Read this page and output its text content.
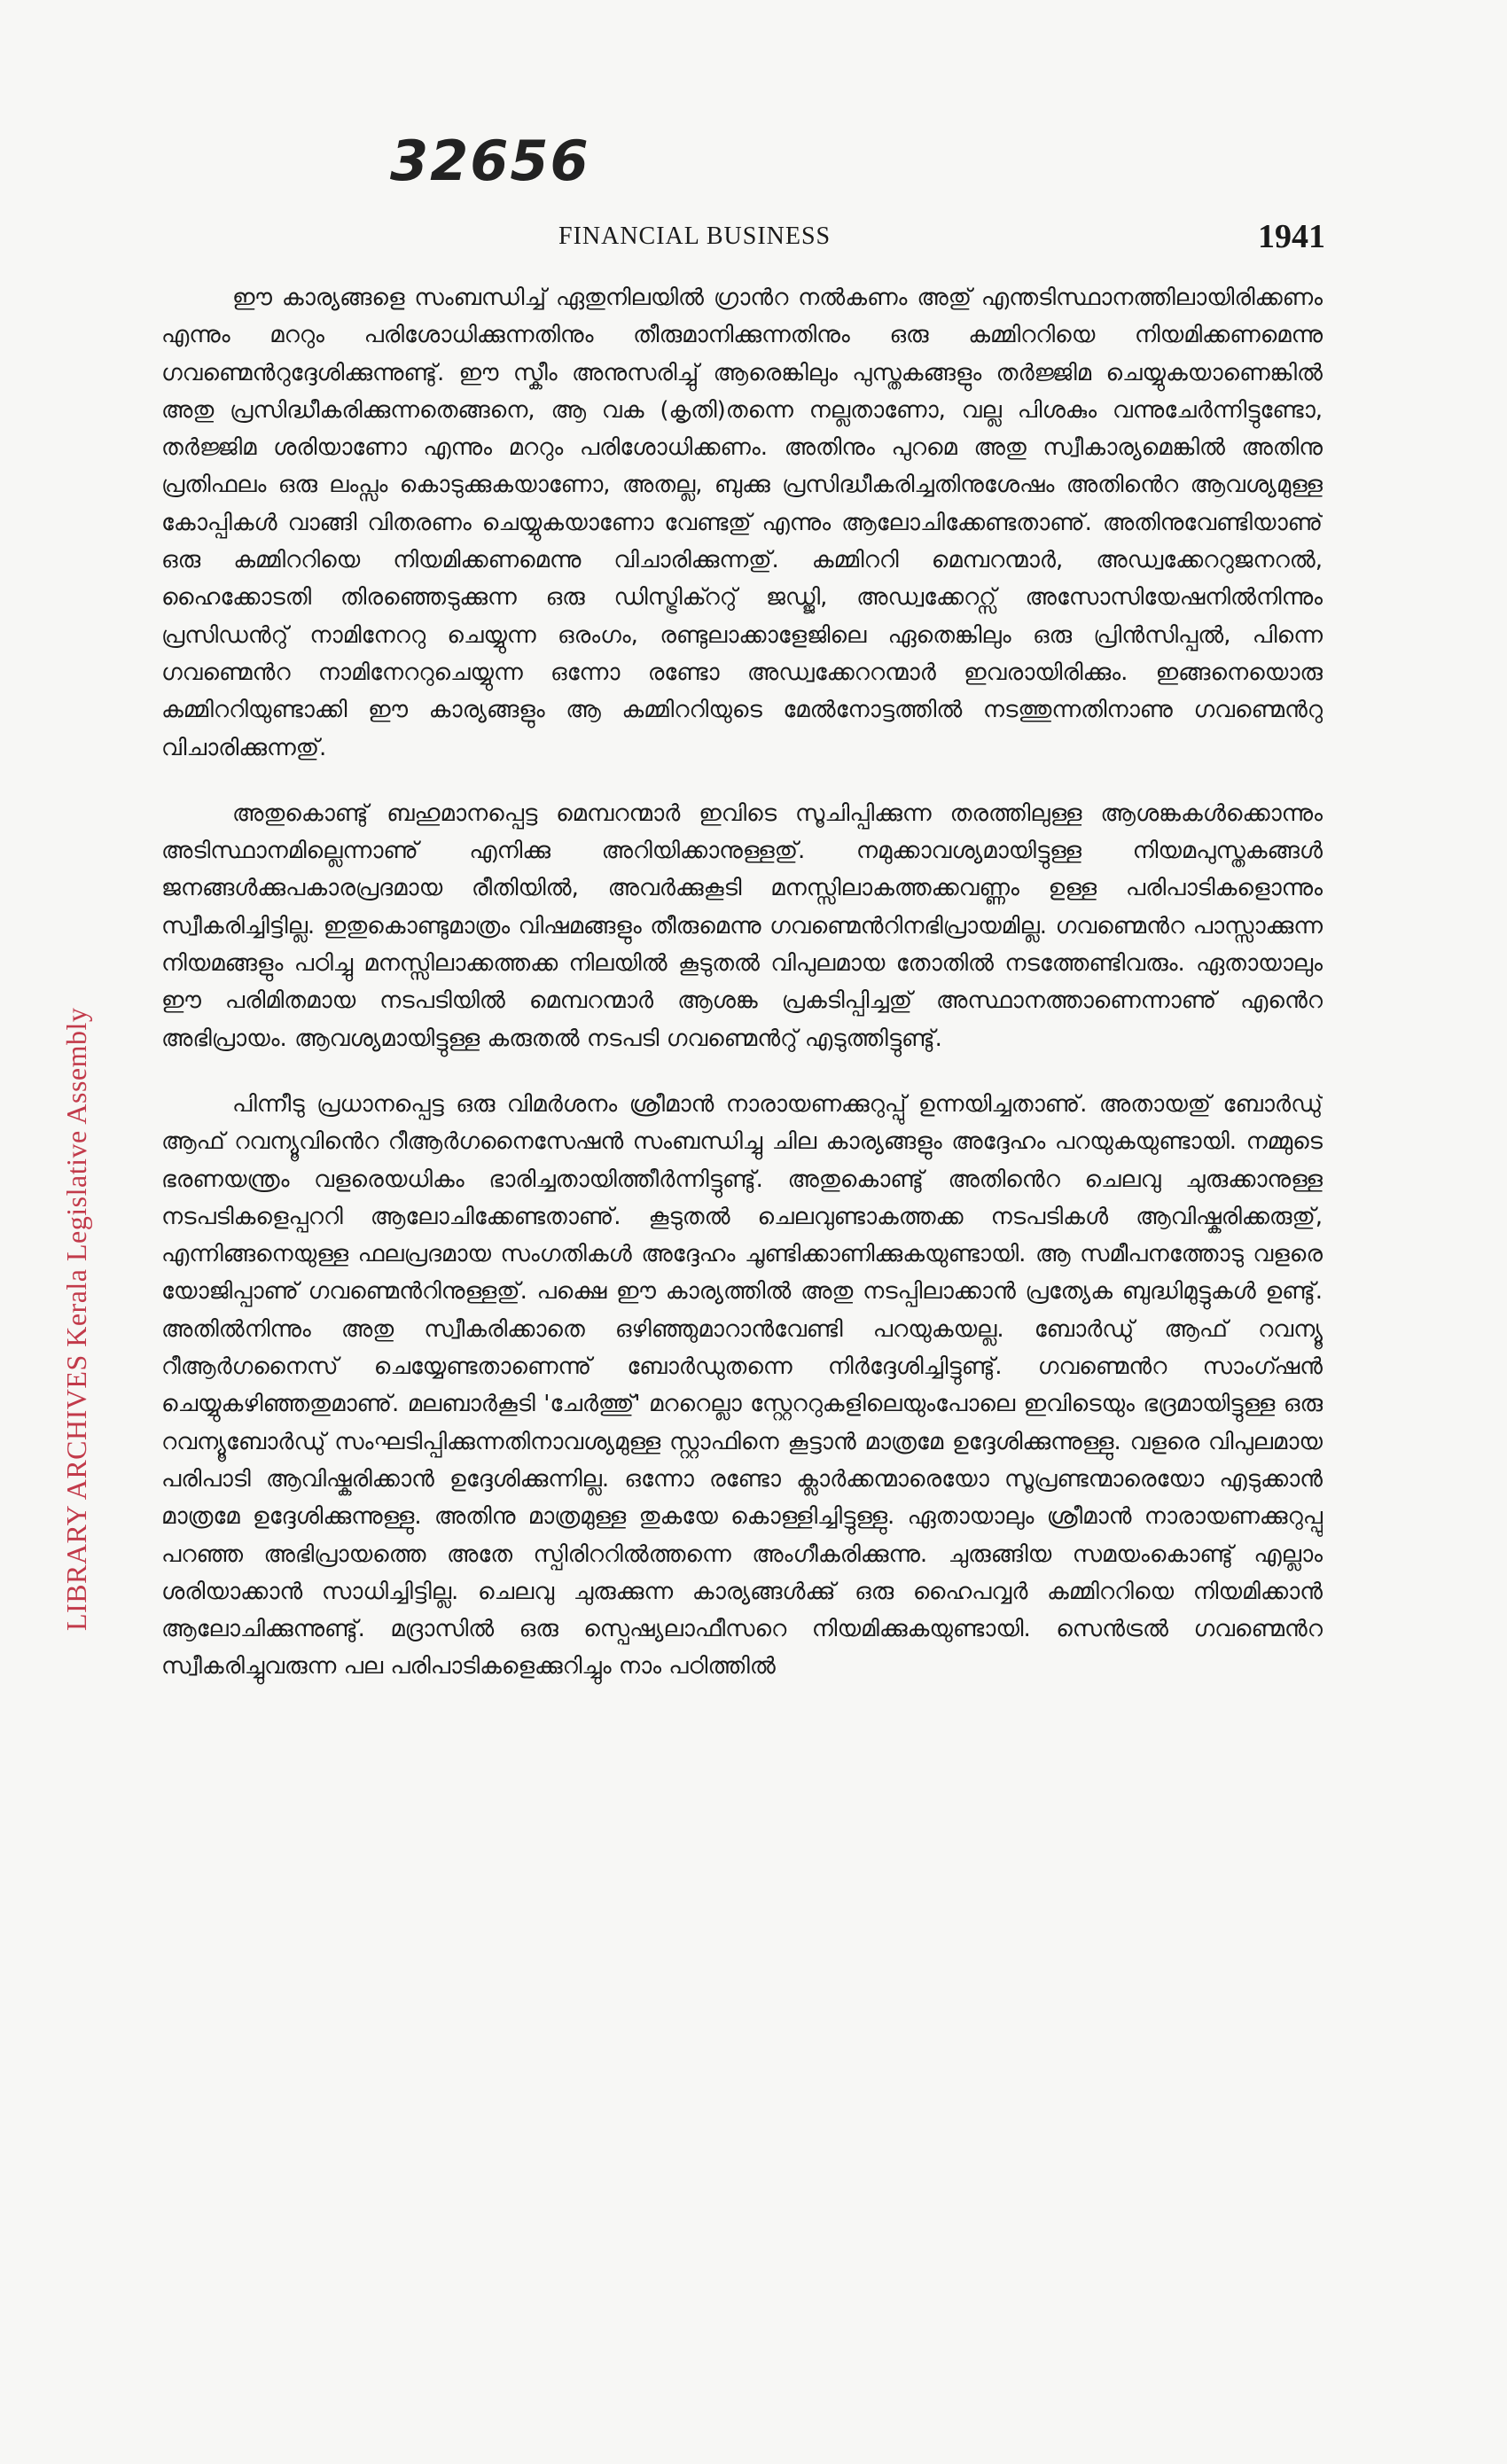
32656
FINANCIAL BUSINESS	1941
LIBRARY ARCHIVES Kerala Legislative Assembly

ഈ കാര്യങ്ങളെ സംബന്ധിച്ച് ഏതുനിലയിൽ ഗ്രാൻറ നൽകണം അതു് എന്തടിസ്ഥാനത്തിലായിരിക്കണം എന്നും മററും പരിശോധിക്കുന്നതിനും തീരുമാനിക്കുന്നതിനും ഒരു കമ്മിററിയെ നിയമിക്കണമെന്നു ഗവണ്മെൻറുദ്ദേശിക്കുന്നുണ്ടു്. ഈ സ്കീം അനുസരിച്ചു് ആരെങ്കിലും പുസ്തകങ്ങളും തർജ്ജിമ ചെയ്യുകയാണെങ്കിൽ അതു പ്രസിദ്ധീകരിക്കുന്നതെങ്ങനെ, ആ വക (കൃതി)തന്നെ നല്ലതാണോ, വല്ല പിശകും വന്നുചേർന്നിട്ടുണ്ടോ, തർജ്ജിമ ശരിയാണോ എന്നും മററും പരിശോധിക്കണം. അതിനും പുറമെ അതു സ്വീകാര്യമെങ്കിൽ അതിനു പ്രതിഫലം ഒരു ലംപ്സം കൊടുക്കുകയാണോ, അതല്ല, ബുക്കു പ്രസിദ്ധീകരിച്ചതിനുശേഷം അതിൻെറ ആവശ്യമുള്ള കോപ്പികൾ വാങ്ങി വിതരണം ചെയ്യുകയാണോ വേണ്ടതു് എന്നും ആലോചിക്കേണ്ടതാണു്. അതിനുവേണ്ടിയാണു് ഒരു കമ്മിററിയെ നിയമിക്കണമെന്നു വിചാരിക്കുന്നതു്. കമ്മിററി മെമ്പറന്മാർ, അഡ്വക്കേററുജനറൽ, ഹൈക്കോടതി തിരഞ്ഞെടുക്കുന്ന ഒരു ഡിസ്ട്രിക്ററു് ജഡ്ജി, അഡ്വക്കേററ്സ് അസോസിയേഷനിൽനിന്നും പ്രസിഡൻറു് നാമിനേററു ചെയ്യുന്ന ഒരംഗം, രണ്ടുലാക്കാളേജിലെ ഏതെങ്കിലും ഒരു പ്രിൻസിപ്പൽ, പിന്നെ ഗവണ്മെൻറ നാമിനേററുചെയ്യുന്ന ഒന്നോ രണ്ടോ അഡ്വക്കേററന്മാർ ഇവരായിരിക്കും. ഇങ്ങനെയൊരു കമ്മിററിയുണ്ടാക്കി ഈ കാര്യങ്ങളും ആ കമ്മിററിയുടെ മേൽനോട്ടത്തിൽ നടത്തുന്നതിനാണു ഗവണ്മെൻറു വിചാരിക്കുന്നതു്.

അതുകൊണ്ടു് ബഹുമാനപ്പെട്ട മെമ്പറന്മാർ ഇവിടെ സൂചിപ്പിക്കുന്ന തരത്തിലുള്ള ആശങ്കകൾക്കൊന്നും അടിസ്ഥാനമില്ലെന്നാണു് എനിക്കു അറിയിക്കാനുള്ളതു്. നമുക്കാവശ്യമായിട്ടുള്ള നിയമപുസ്തകങ്ങൾ ജനങ്ങൾക്കുപകാരപ്രദമായ രീതിയിൽ, അവർക്കുകൂടി മനസ്സിലാകത്തക്കവണ്ണം ഉള്ള പരിപാടികളൊന്നും സ്വീകരിച്ചിട്ടില്ല. ഇതുകൊണ്ടുമാത്രം വിഷമങ്ങളും തീരുമെന്നു ഗവണ്മെൻറിനഭിപ്രായമില്ല. ഗവണ്മെൻറ പാസ്സാക്കുന്ന നിയമങ്ങളും പഠിച്ചു മനസ്സിലാക്കത്തക്ക നിലയിൽ കൂടുതൽ വിപുലമായ തോതിൽ നടത്തേണ്ടിവരും. ഏതായാലും ഈ പരിമിതമായ നടപടിയിൽ മെമ്പറന്മാർ ആശങ്ക പ്രകടിപ്പിച്ചതു് അസ്ഥാനത്താണെന്നാണു് എൻെറ അഭിപ്രായം. ആവശ്യമായിട്ടുള്ള കരുതൽ നടപടി ഗവണ്മെൻറു് എടുത്തിട്ടുണ്ടു്.

പിന്നീടു പ്രധാനപ്പെട്ട ഒരു വിമർശനം ശ്രീമാൻ നാരായണക്കുറുപ്പു് ഉന്നയിച്ചതാണു്. അതായതു് ബോർഡു് ആഫ് റവന്യൂവിൻെറ റീആർഗനൈസേഷൻ സംബന്ധിച്ചു ചില കാര്യങ്ങളും അദ്ദേഹം പറയുകയുണ്ടായി. നമ്മുടെ ഭരണയന്ത്രം വളരെയധികം ഭാരിച്ചതായിത്തീർന്നിട്ടുണ്ടു്. അതുകൊണ്ടു് അതിൻെറ ചെലവു ചുരുക്കാനുള്ള നടപടികളെപ്പററി ആലോചിക്കേണ്ടതാണു്. കൂടുതൽ ചെലവുണ്ടാകത്തക്ക നടപടികൾ ആവിഷ്കരിക്കരുതു്, എന്നിങ്ങനെയുള്ള ഫലപ്രദമായ സംഗതികൾ അദ്ദേഹം ചൂണ്ടിക്കാണിക്കുകയുണ്ടായി. ആ സമീപനത്തോടു വളരെ യോജിപ്പാണു് ഗവണ്മെൻറിനുള്ളതു്. പക്ഷെ ഈ കാര്യത്തിൽ അതു നടപ്പിലാക്കാൻ പ്രത്യേക ബുദ്ധിമുട്ടുകൾ ഉണ്ടു്. അതിൽനിന്നും അതു സ്വീകരിക്കാതെ ഒഴിഞ്ഞുമാറാൻവേണ്ടി പറയുകയല്ല. ബോർഡു് ആഫ് റവന്യൂ റീആർഗനൈസ് ചെയ്യേണ്ടതാണെന്നു് ബോർഡുതന്നെ നിർദ്ദേശിച്ചിട്ടുണ്ടു്. ഗവണ്മെൻറ സാംഗ്ഷൻ ചെയ്യുകഴിഞ്ഞതുമാണു്. മലബാർകൂടി 'ചേർത്തു്' മററെല്ലാ സ്റ്റേററുകളിലെയുംപോലെ ഇവിടെയും ഭദ്രമായിട്ടുള്ള ഒരു റവന്യൂബോർഡു് സംഘടിപ്പിക്കുന്നതിനാവശ്യമുള്ള സ്റ്റാഫിനെ കൂട്ടാൻ മാത്രമേ ഉദ്ദേശിക്കുന്നുള്ളു. വളരെ വിപുലമായ പരിപാടി ആവിഷ്കരിക്കാൻ ഉദ്ദേശിക്കുന്നില്ല. ഒന്നോ രണ്ടോ ക്ലാർക്കന്മാരെയോ സൂപ്രണ്ടന്മാരെയോ എടുക്കാൻ മാത്രമേ ഉദ്ദേശിക്കുന്നുള്ളു. അതിനു മാത്രമുള്ള തുകയേ കൊള്ളിച്ചിട്ടുള്ളു. ഏതായാലും ശ്രീമാൻ നാരായണക്കുറുപ്പു പറഞ്ഞ അഭിപ്രായത്തെ അതേ സ്പിരിററിൽത്തന്നെ അംഗീകരിക്കുന്നു. ചുരുങ്ങിയ സമയംകൊണ്ടു് എല്ലാം ശരിയാക്കാൻ സാധിച്ചിട്ടില്ല. ചെലവു ചുരുക്കുന്ന കാര്യങ്ങൾക്കു് ഒരു ഹൈപവ്വർ കമ്മിററിയെ നിയമിക്കാൻ ആലോചിക്കുന്നുണ്ടു്. മദ്രാസിൽ ഒരു സ്പെഷ്യലാഫീസറെ നിയമിക്കുകയുണ്ടായി. സെൻട്രൽ ഗവണ്മെൻറ സ്വീകരിച്ചുവരുന്ന പല പരിപാടികളെക്കുറിച്ചും നാം പഠിത്തിൽ
